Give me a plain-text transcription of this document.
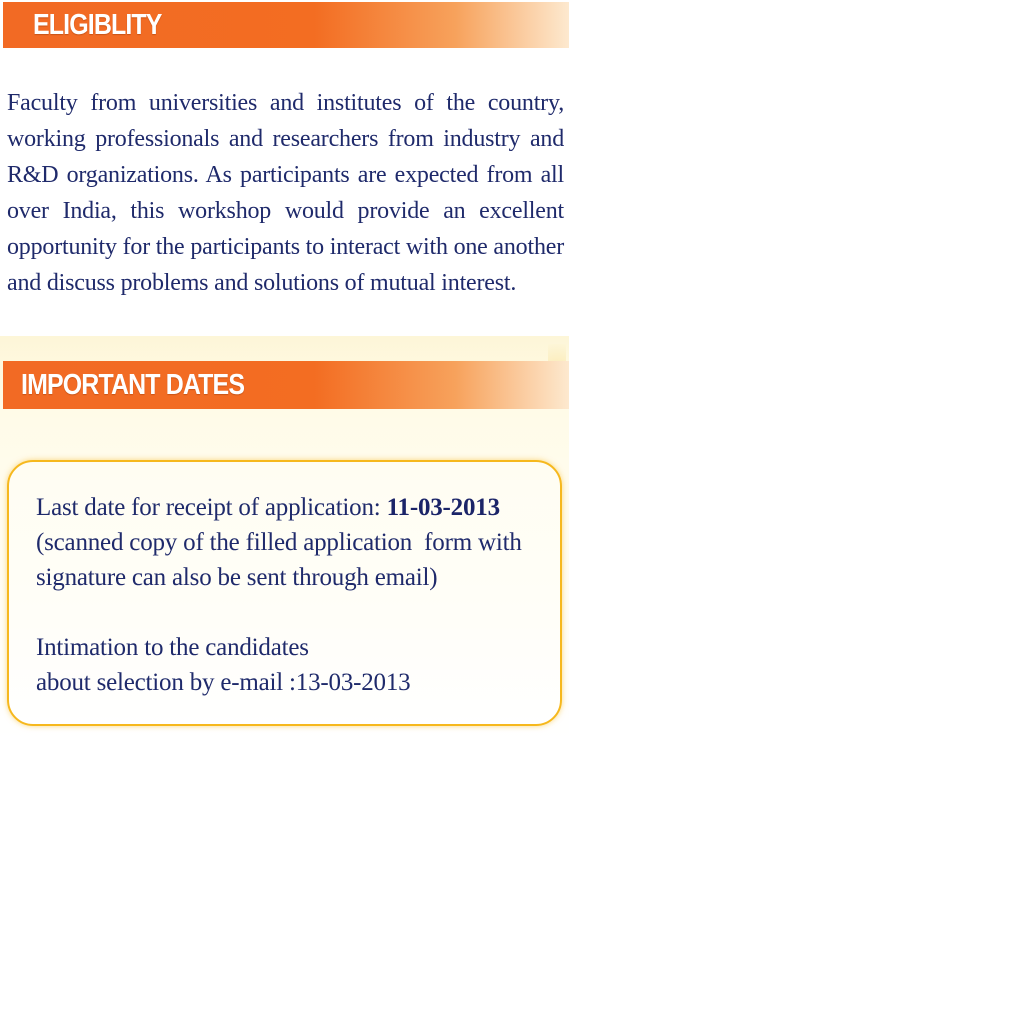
ELIGIBLITY
Faculty from universities and institutes of the country, working professionals and researchers from industry and R&D organizations. As participants are expected from all over India, this workshop would provide an excellent opportunity for the participants to interact with one another and discuss problems and solutions of mutual interest.
IMPORTANT DATES
Last date for receipt of application: 11-03-2013
(scanned copy of the filled application  form with
signature can also be sent through email)
Intimation to the candidates
about selection by e-mail :13-03-2013
